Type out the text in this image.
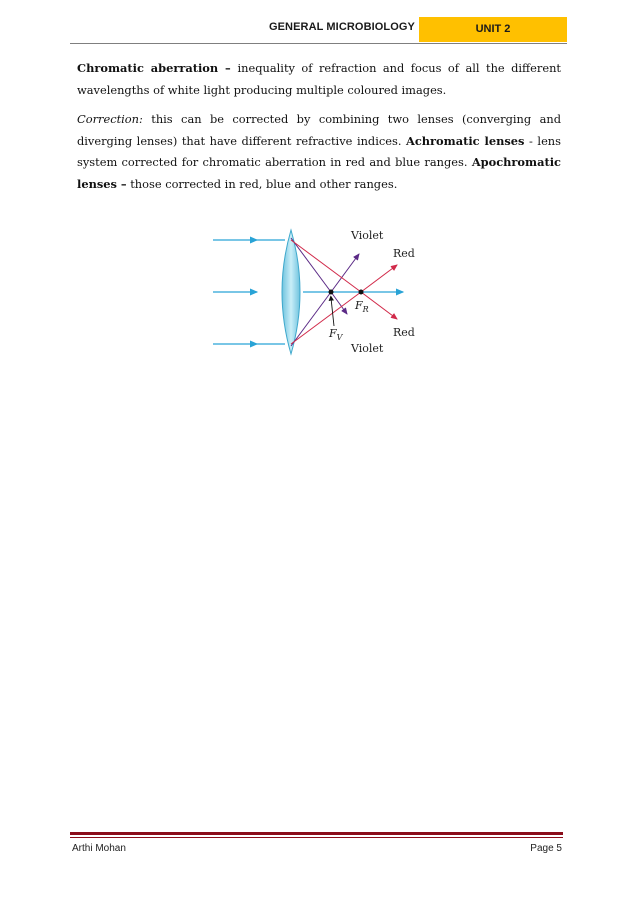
GENERAL MICROBIOLOGY	UNIT 2

Chromatic aberration – inequality of refraction and focus of all the different wavelengths of white light producing multiple coloured images.

Correction: this can be corrected by combining two lenses (converging and diverging lenses) that have different refractive indices. Achromatic lenses - lens system corrected for chromatic aberration in red and blue ranges. Apochromatic lenses – those corrected in red, blue and other ranges.

Violet
Red
$F_R$
$F_V$	Red
Violet
Arthi Mohan	Page 5
